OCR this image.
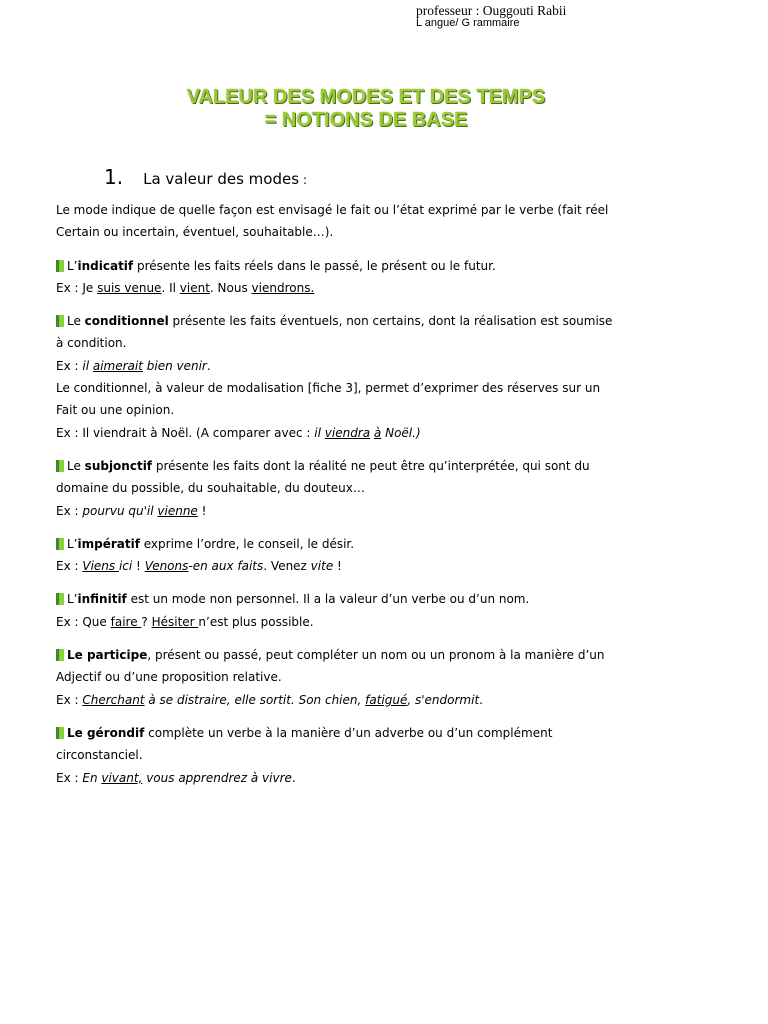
professeur : Ouggouti Rabii
L angue/ G rammaire
VALEUR DES MODES ET DES TEMPS
= NOTIONS DE BASE
1. La valeur des modes :

Le mode indique de quelle façon est envisagé le fait ou l’état exprimé par le verbe (fait réel

Certain ou incertain, éventuel, souhaitable…).

L’indicatif présente les faits réels dans le passé, le présent ou le futur.

Ex : Je suis venue. Il vient. Nous viendrons.

Le conditionnel présente les faits éventuels, non certains, dont la réalisation est soumise

à condition.

Ex : il aimerait bien venir.

Le conditionnel, à valeur de modalisation [fiche 3], permet d’exprimer des réserves sur un

Fait ou une opinion.

Ex : Il viendrait à Noël. (A comparer avec : il viendra à Noël.)

Le subjonctif présente les faits dont la réalité ne peut être qu’interprétée, qui sont du

domaine du possible, du souhaitable, du douteux…

Ex : pourvu qu'il vienne !

L’impératif exprime l’ordre, le conseil, le désir.

Ex : Viens ici ! Venons-en aux faits. Venez vite !

L’infinitif est un mode non personnel. Il a la valeur d’un verbe ou d’un nom.

Ex : Que faire ? Hésiter n’est plus possible.

Le participe, présent ou passé, peut compléter un nom ou un pronom à la manière d’un

Adjectif ou d’une proposition relative.

Ex : Cherchant à se distraire, elle sortit. Son chien, fatigué, s'endormit.

Le gérondif complète un verbe à la manière d’un adverbe ou d’un complément

circonstanciel.

Ex : En vivant, vous apprendrez à vivre.
